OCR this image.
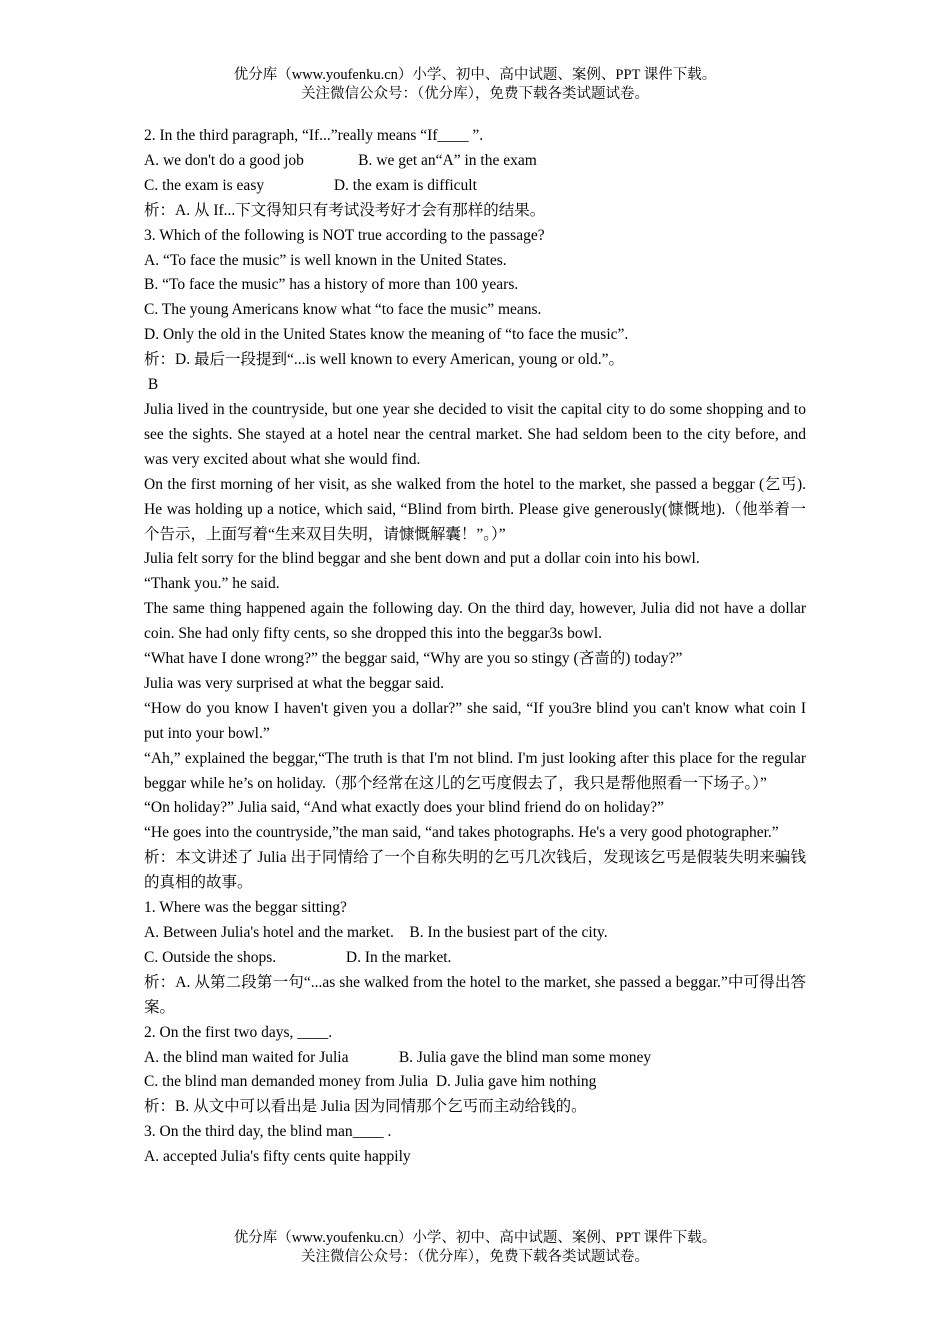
优分库（www.youfenku.cn）小学、初中、高中试题、案例、PPT 课件下载。
关注微信公众号：（优分库），免费下载各类试题试卷。

2. In the third paragraph, “If...”really means “If____ ”.

A. we don't do a good job              B. we get an“A” in the exam

C. the exam is easy                  D. the exam is difficult

析：A. 从 If...下文得知只有考试没考好才会有那样的结果。

3. Which of the following is NOT true according to the passage?

A. “To face the music” is well known in the United States.

B. “To face the music” has a history of more than 100 years.

C. The young Americans know what “to face the music” means.

D. Only the old in the United States know the meaning of “to face the music”.

析：D. 最后一段提到“...is well known to every American, young or old.”。

B

Julia lived in the countryside, but one year she decided to visit the capital city to do some shopping and to see the sights. She stayed at a hotel near the central market. She had seldom been to the city before, and was very excited about what she would find.

On the first morning of her visit, as she walked from the hotel to the market, she passed a beggar (乞丐). He was holding up a notice, which said, “Blind from birth. Please give generously(慷慨地).（他举着一个告示，上面写着“生来双目失明，请慷慨解囊！”。）”

Julia felt sorry for the blind beggar and she bent down and put a dollar coin into his bowl.

“Thank you.” he said.

The same thing happened again the following day. On the third day, however, Julia did not have a dollar coin. She had only fifty cents, so she dropped this into the beggar3s bowl.

“What have I done wrong?” the beggar said, “Why are you so stingy (吝啬的) today?”

Julia was very surprised at what the beggar said.

“How do you know I haven't given you a dollar?” she said, “If you3re blind you can't know what coin I put into your bowl.”

“Ah,” explained the beggar,“The truth is that I'm not blind. I'm just looking after this place for the regular beggar while he’s on holiday.（那个经常在这儿的乞丐度假去了，我只是帮他照看一下场子。）”

“On holiday?” Julia said, “And what exactly does your blind friend do on holiday?”

“He goes into the countryside,”the man said, “and takes photographs. He's a very good photographer.”

析：本文讲述了 Julia 出于同情给了一个自称失明的乞丐几次钱后，发现该乞丐是假装失明来骗钱的真相的故事。

1. Where was the beggar sitting?

A. Between Julia's hotel and the market.    B. In the busiest part of the city.

C. Outside the shops.                  D. In the market.

析：A. 从第二段第一句“...as she walked from the hotel to the market, she passed a beggar.”中可得出答案。

2. On the first two days, ____.

A. the blind man waited for Julia             B. Julia gave the blind man some money

C. the blind man demanded money from Julia  D. Julia gave him nothing

析：B. 从文中可以看出是 Julia 因为同情那个乞丐而主动给钱的。

3. On the third day, the blind man____ .

A. accepted Julia's fifty cents quite happily

优分库（www.youfenku.cn）小学、初中、高中试题、案例、PPT 课件下载。
关注微信公众号：（优分库），免费下载各类试题试卷。
